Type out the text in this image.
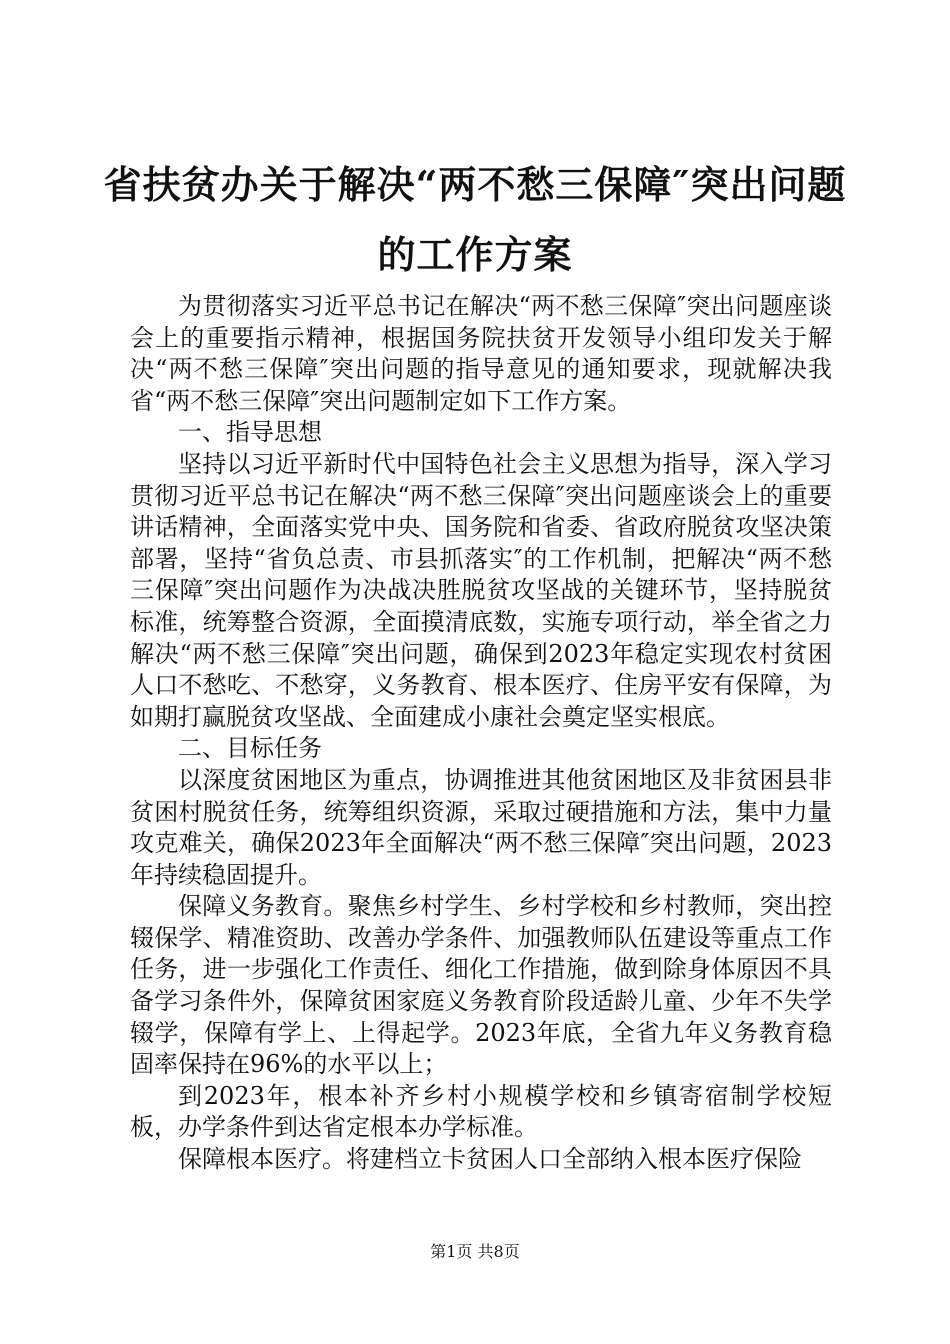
省扶贫办关于解决“两不愁三保障″突出问题
的工作方案

为贯彻落实习近平总书记在解决“两不愁三保障″突出问题座谈会上的重要指示精神，根据国务院扶贫开发领导小组印发关于解决“两不愁三保障″突出问题的指导意见的通知要求，现就解决我省“两不愁三保障″突出问题制定如下工作方案。

一、指导思想

坚持以习近平新时代中国特色社会主义思想为指导，深入学习贯彻习近平总书记在解决“两不愁三保障″突出问题座谈会上的重要讲话精神，全面落实党中央、国务院和省委、省政府脱贫攻坚决策部署，坚持“省负总责、市县抓落实″的工作机制，把解决“两不愁三保障″突出问题作为决战决胜脱贫攻坚战的关键环节，坚持脱贫标准，统筹整合资源，全面摸清底数，实施专项行动，举全省之力解决“两不愁三保障″突出问题，确保到2023年稳定实现农村贫困人口不愁吃、不愁穿，义务教育、根本医疗、住房平安有保障，为如期打赢脱贫攻坚战、全面建成小康社会奠定坚实根底。

二、目标任务

以深度贫困地区为重点，协调推进其他贫困地区及非贫困县非贫困村脱贫任务，统筹组织资源，采取过硬措施和方法，集中力量攻克难关，确保2023年全面解决“两不愁三保障″突出问题，2023年持续稳固提升。

保障义务教育。聚焦乡村学生、乡村学校和乡村教师，突出控辍保学、精准资助、改善办学条件、加强教师队伍建设等重点工作任务，进一步强化工作责任、细化工作措施，做到除身体原因不具备学习条件外，保障贫困家庭义务教育阶段适龄儿童、少年不失学辍学，保障有学上、上得起学。2023年底，全省九年义务教育稳固率保持在96%的水平以上；

到2023年，根本补齐乡村小规模学校和乡镇寄宿制学校短板，办学条件到达省定根本办学标准。

保障根本医疗。将建档立卡贫困人口全部纳入根本医疗保险

第1页 共8页
